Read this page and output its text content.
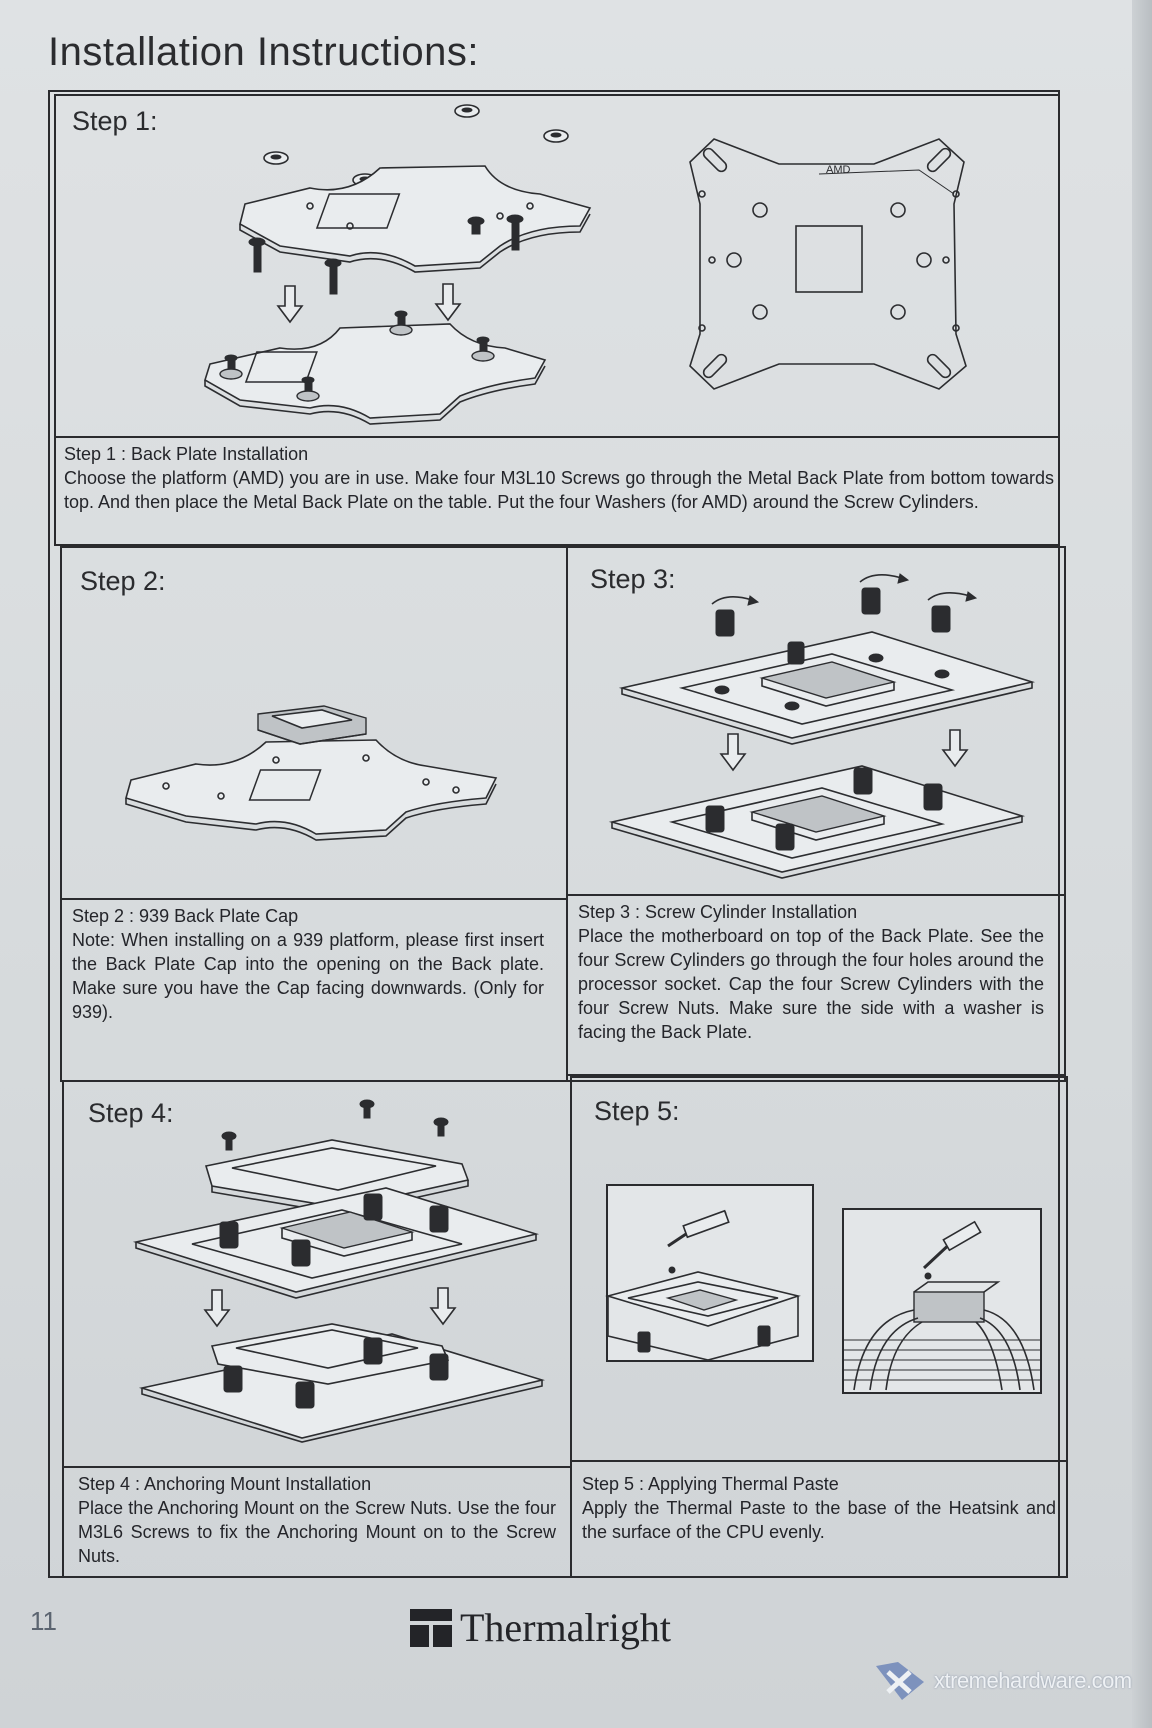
Installation Instructions:
Step 1:
AMD
Step 1 : Back Plate Installation
Choose the platform (AMD) you are in use. Make four M3L10 Screws go through the Metal Back Plate from bottom towards top. And then place the Metal Back Plate on the table. Put the four Washers (for AMD) around the Screw Cylinders.
Step 2:
Step 2 : 939 Back Plate Cap
Note: When installing on a 939 platform, please first insert the Back Plate Cap into the opening on the Back plate. Make sure you have the Cap facing downwards. (Only for 939).
Step 3:
Step 3 : Screw Cylinder Installation
Place the motherboard on top of the Back Plate. See the four Screw Cylinders go through the four holes around the processor socket. Cap the four Screw Cylinders with the four Screw Nuts. Make sure the side with a washer is facing the Back Plate.
Step 4:
Step 4 : Anchoring Mount Installation
Place the Anchoring Mount on the Screw Nuts. Use the four M3L6 Screws to fix the Anchoring Mount on to the Screw Nuts.
Step 5:
Step 5 : Applying Thermal Paste
Apply the Thermal Paste to the base of the Heatsink and the surface of the CPU evenly.
11	Thermalright
xtremehardware.com
